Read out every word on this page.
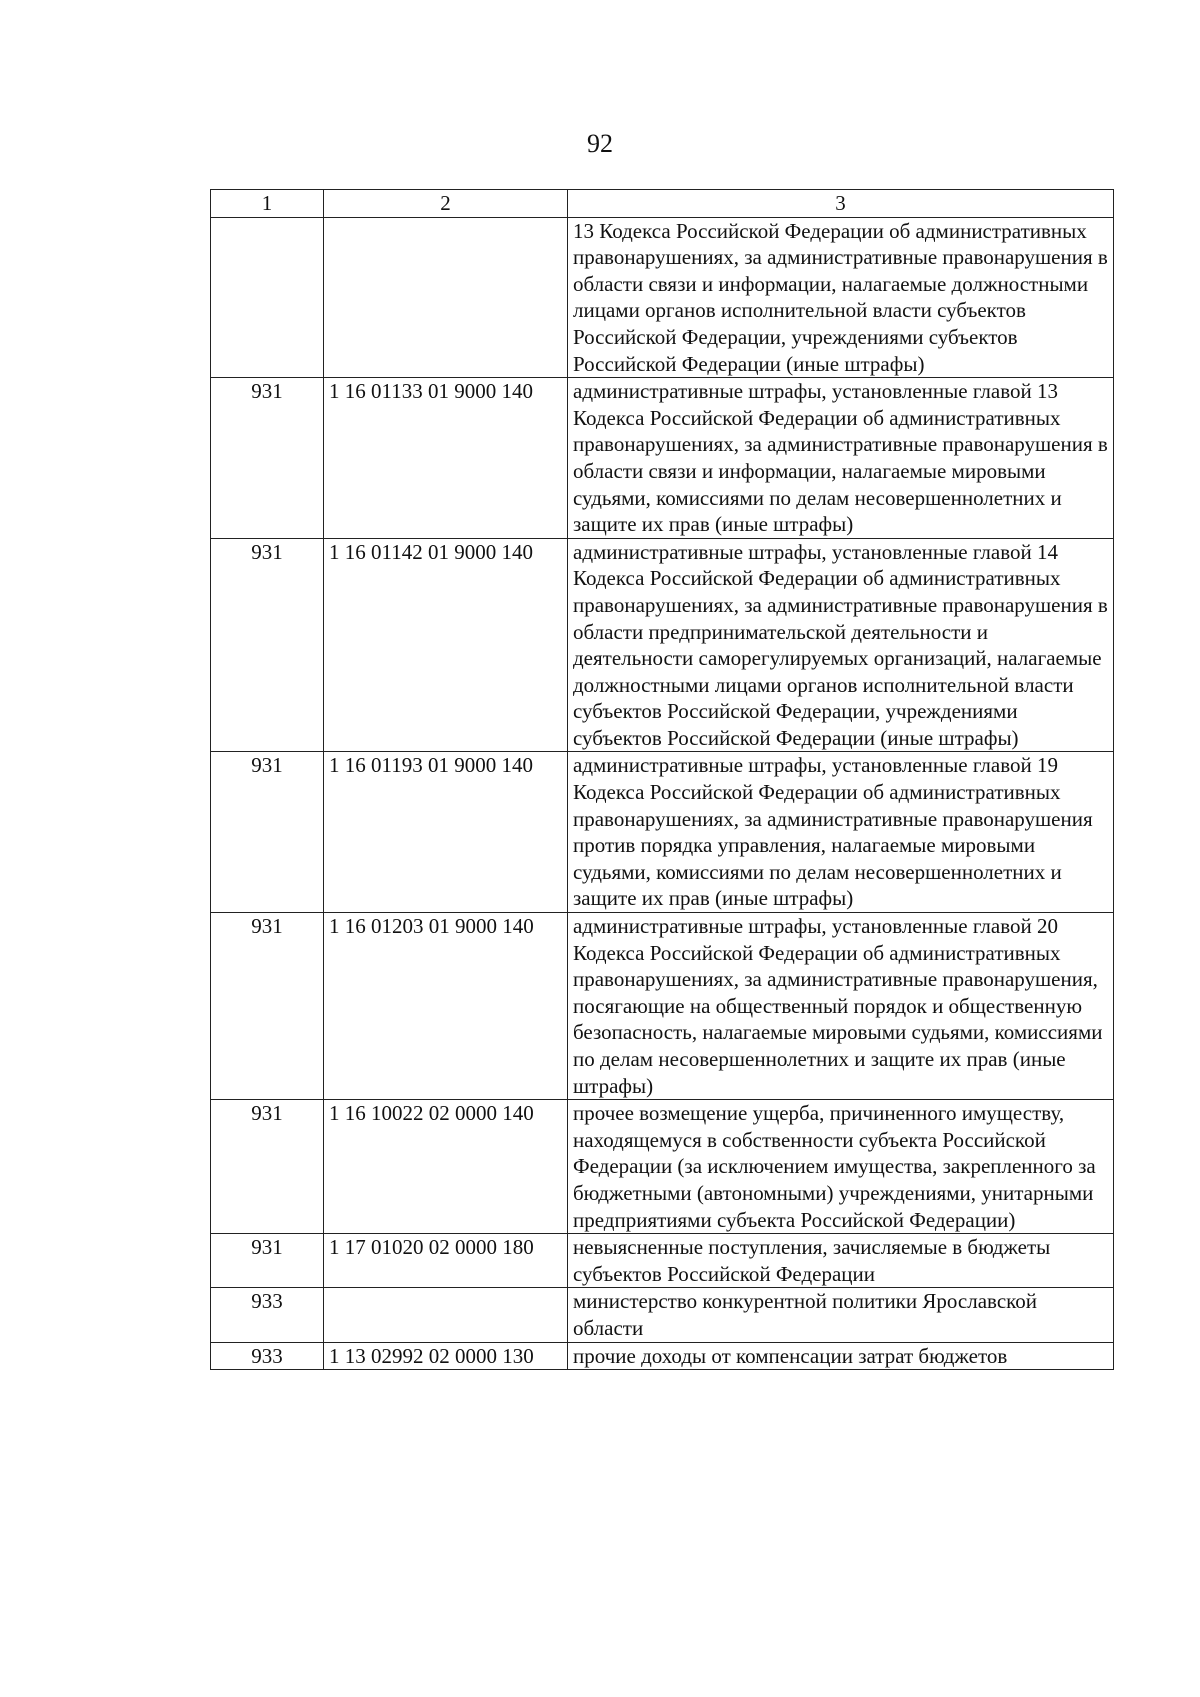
92
1	2	3
		13 Кодекса Российской Федерации об административных правонарушениях, за административные правонарушения в области связи и информации, налагаемые должностными лицами органов исполнительной власти субъектов Российской Федерации, учреждениями субъектов Российской Федерации (иные штрафы)
931	1 16 01133 01 9000 140	административные штрафы, установленные главой 13 Кодекса Российской Федерации об административных правонарушениях, за административные правонарушения в области связи и информации, налагаемые мировыми судьями, комиссиями по делам несовершеннолетних и защите их прав (иные штрафы)
931	1 16 01142 01 9000 140	административные штрафы, установленные главой 14 Кодекса Российской Федерации об административных правонарушениях, за административные правонарушения в области предпринимательской деятельности и деятельности саморегулируемых организаций, налагаемые должностными лицами органов исполнительной власти субъектов Российской Федерации, учреждениями субъектов Российской Федерации (иные штрафы)
931	1 16 01193 01 9000 140	административные штрафы, установленные главой 19 Кодекса Российской Федерации об административных правонарушениях, за административные правонарушения против порядка управления, налагаемые мировыми судьями, комиссиями по делам несовершеннолетних и защите их прав (иные штрафы)
931	1 16 01203 01 9000 140	административные штрафы, установленные главой 20 Кодекса Российской Федерации об административных правонарушениях, за административные правонарушения, посягающие на общественный порядок и общественную безопасность, налагаемые мировыми судьями, комиссиями по делам несовершеннолетних и защите их прав (иные штрафы)
931	1 16 10022 02 0000 140	прочее возмещение ущерба, причиненного имуществу, находящемуся в собственности субъекта Российской Федерации (за исключением имущества, закрепленного за бюджетными (автономными) учреждениями, унитарными предприятиями субъекта Российской Федерации)
931	1 17 01020 02 0000 180	невыясненные поступления, зачисляемые в бюджеты субъектов Российской Федерации
933		министерство конкурентной политики Ярославской области
933	1 13 02992 02 0000 130	прочие доходы от компенсации затрат бюджетов
